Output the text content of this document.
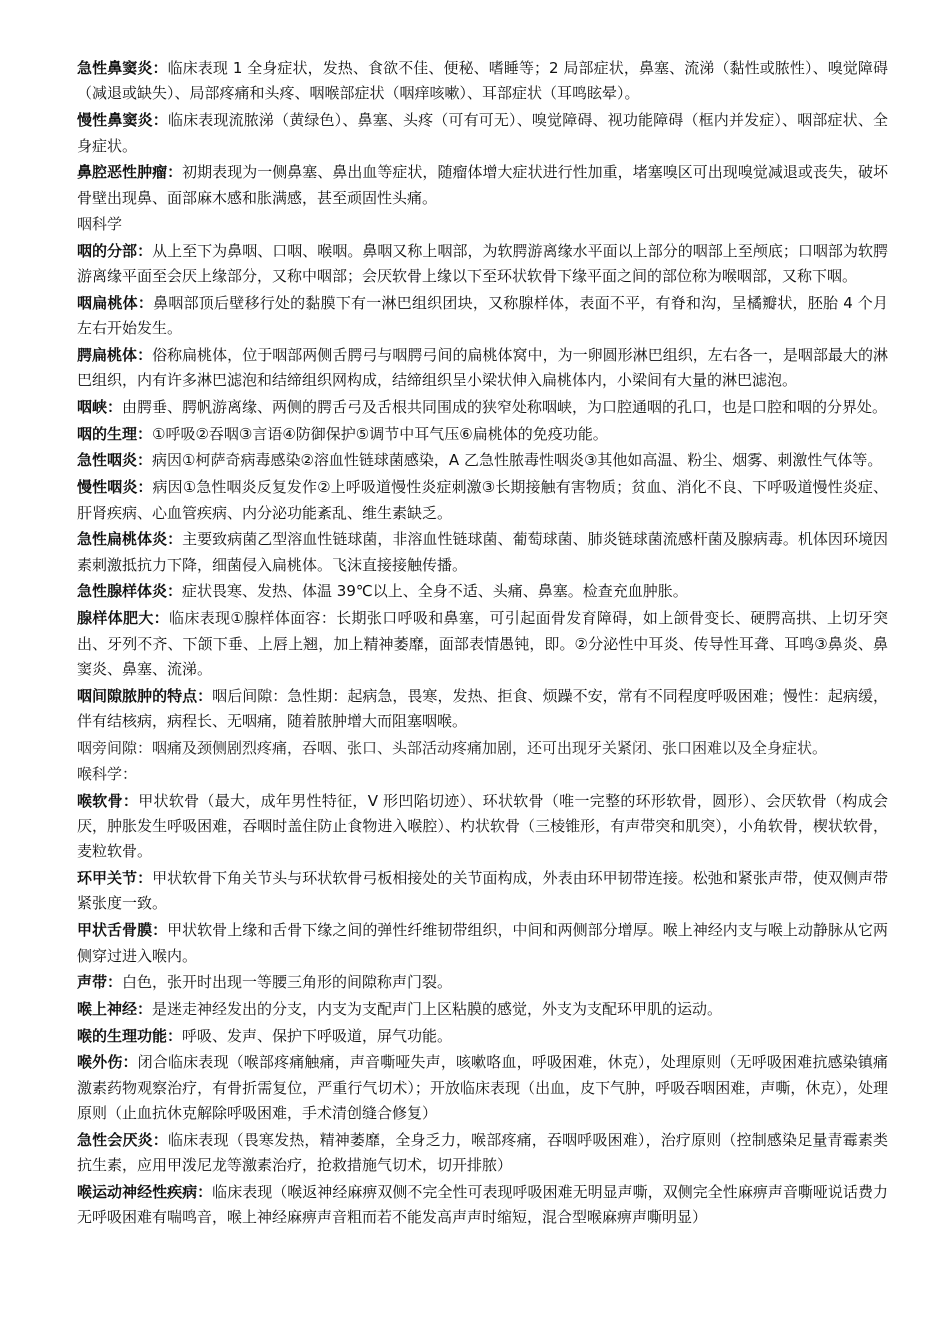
急性鼻窦炎：临床表现 1 全身症状，发热、食欲不佳、便秘、嗜睡等；2 局部症状，鼻塞、流涕（黏性或脓性）、嗅觉障碍（减退或缺失）、局部疼痛和头疼、咽喉部症状（咽痒咳嗽）、耳部症状（耳鸣眩晕）。

慢性鼻窦炎：临床表现流脓涕（黄绿色）、鼻塞、头疼（可有可无）、嗅觉障碍、视功能障碍（框内并发症）、咽部症状、全身症状。

鼻腔恶性肿瘤：初期表现为一侧鼻塞、鼻出血等症状，随瘤体增大症状进行性加重，堵塞嗅区可出现嗅觉减退或丧失，破坏骨壁出现鼻、面部麻木感和胀满感，甚至顽固性头痛。

咽科学

咽的分部：从上至下为鼻咽、口咽、喉咽。鼻咽又称上咽部，为软腭游离缘水平面以上部分的咽部上至颅底；口咽部为软腭游离缘平面至会厌上缘部分，又称中咽部；会厌软骨上缘以下至环状软骨下缘平面之间的部位称为喉咽部，又称下咽。

咽扁桃体：鼻咽部顶后壁移行处的黏膜下有一淋巴组织团块，又称腺样体，表面不平，有脊和沟，呈橘瓣状，胚胎 4 个月左右开始发生。

腭扁桃体：俗称扁桃体，位于咽部两侧舌腭弓与咽腭弓间的扁桃体窝中，为一卵圆形淋巴组织，左右各一，是咽部最大的淋巴组织，内有许多淋巴滤泡和结缔组织网构成，结缔组织呈小梁状伸入扁桃体内，小梁间有大量的淋巴滤泡。

咽峡：由腭垂、腭帆游离缘、两侧的腭舌弓及舌根共同围成的狭窄处称咽峡，为口腔通咽的孔口，也是口腔和咽的分界处。

咽的生理：①呼吸②吞咽③言语④防御保护⑤调节中耳气压⑥扁桃体的免疫功能。

急性咽炎：病因①柯萨奇病毒感染②溶血性链球菌感染，A 乙急性脓毒性咽炎③其他如高温、粉尘、烟雾、刺激性气体等。

慢性咽炎：病因①急性咽炎反复发作②上呼吸道慢性炎症刺激③长期接触有害物质；贫血、消化不良、下呼吸道慢性炎症、肝肾疾病、心血管疾病、内分泌功能紊乱、维生素缺乏。

急性扁桃体炎：主要致病菌乙型溶血性链球菌，非溶血性链球菌、葡萄球菌、肺炎链球菌流感杆菌及腺病毒。机体因环境因素刺激抵抗力下降，细菌侵入扁桃体。飞沫直接接触传播。

急性腺样体炎：症状畏寒、发热、体温 39℃以上、全身不适、头痛、鼻塞。检查充血肿胀。

腺样体肥大：临床表现①腺样体面容：长期张口呼吸和鼻塞，可引起面骨发育障碍，如上颌骨变长、硬腭高拱、上切牙突出、牙列不齐、下颌下垂、上唇上翘，加上精神萎靡，面部表情愚钝，即。②分泌性中耳炎、传导性耳聋、耳鸣③鼻炎、鼻窦炎、鼻塞、流涕。

咽间隙脓肿的特点：咽后间隙：急性期：起病急，畏寒，发热、拒食、烦躁不安，常有不同程度呼吸困难；慢性：起病缓，伴有结核病，病程长、无咽痛，随着脓肿增大而阻塞咽喉。

咽旁间隙：咽痛及颈侧剧烈疼痛，吞咽、张口、头部活动疼痛加剧，还可出现牙关紧闭、张口困难以及全身症状。

喉科学：

喉软骨：甲状软骨（最大，成年男性特征，V 形凹陷切迹）、环状软骨（唯一完整的环形软骨，圆形）、会厌软骨（构成会厌，肿胀发生呼吸困难，吞咽时盖住防止食物进入喉腔）、杓状软骨（三棱锥形，有声带突和肌突），小角软骨，楔状软骨，麦粒软骨。

环甲关节：甲状软骨下角关节头与环状软骨弓板相接处的关节面构成，外表由环甲韧带连接。松弛和紧张声带，使双侧声带紧张度一致。

甲状舌骨膜：甲状软骨上缘和舌骨下缘之间的弹性纤维韧带组织，中间和两侧部分增厚。喉上神经内支与喉上动静脉从它两侧穿过进入喉内。

声带：白色，张开时出现一等腰三角形的间隙称声门裂。

喉上神经：是迷走神经发出的分支，内支为支配声门上区粘膜的感觉，外支为支配环甲肌的运动。

喉的生理功能：呼吸、发声、保护下呼吸道，屏气功能。

喉外伤：闭合临床表现（喉部疼痛触痛，声音嘶哑失声，咳嗽咯血，呼吸困难，休克），处理原则（无呼吸困难抗感染镇痛激素药物观察治疗，有骨折需复位，严重行气切术）；开放临床表现（出血，皮下气肿，呼吸吞咽困难，声嘶，休克），处理原则（止血抗休克解除呼吸困难，手术清创缝合修复）

急性会厌炎：临床表现（畏寒发热，精神萎靡，全身乏力，喉部疼痛，吞咽呼吸困难），治疗原则（控制感染足量青霉素类抗生素，应用甲泼尼龙等激素治疗，抢救措施气切术，切开排脓）

喉运动神经性疾病：临床表现（喉返神经麻痹双侧不完全性可表现呼吸困难无明显声嘶，双侧完全性麻痹声音嘶哑说话费力无呼吸困难有喘鸣音，喉上神经麻痹声音粗而若不能发高声声时缩短，混合型喉麻痹声嘶明显）
